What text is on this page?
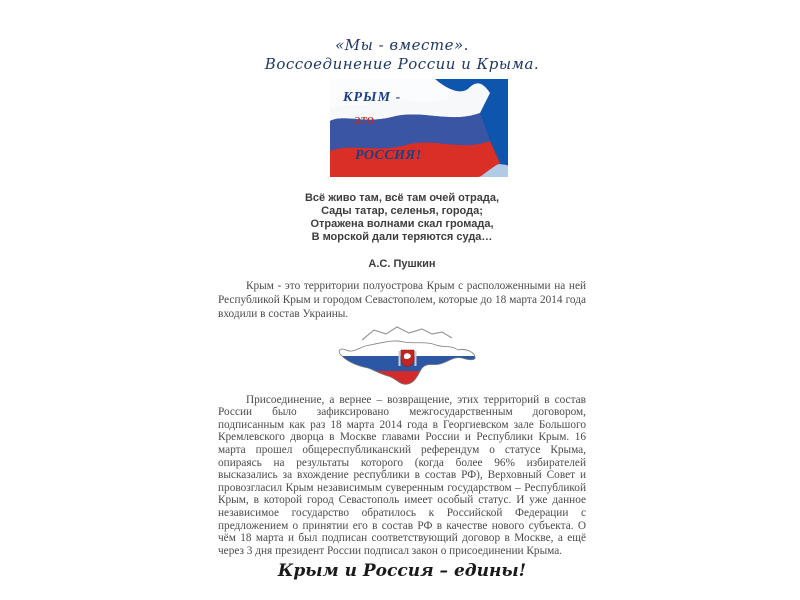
«Мы - вместе».
Воссоединение России и Крыма.
КРЫМ -
ЭТО
РОССИЯ!
Всё живо там, всё там очей отрада,
Сады татар, селенья, города;
Отражена волнами скал громада,
В морской дали теряются суда…
А.С. Пушкин
Крым - это территории полуострова Крым с расположенными на ней Республикой Крым и городом Севастополем, которые до 18 марта 2014 года входили в состав Украины.
Присоединение, а вернее – возвращение, этих территорий в состав России было зафиксировано межгосударственным договором, подписанным как раз 18 марта 2014 года в Георгиевском зале Большого Кремлевского дворца в Москве главами России и Республики Крым. 16 марта прошел общереспубликанский референдум о статусе Крыма, опираясь на результаты которого (когда более 96% избирателей высказались за вхождение республики в состав РФ), Верховный Совет и провозгласил Крым независимым суверенным государством – Республикой Крым, в которой город Севастополь имеет особый статус. И уже данное независимое государство обратилось к Российской Федерации с предложением о принятии его в состав РФ в качестве нового субъекта. О чём 18 марта и был подписан соответствующий договор в Москве, а ещё через 3 дня президент России подписал закон о присоединении Крыма.
Крым и Россия – едины!
